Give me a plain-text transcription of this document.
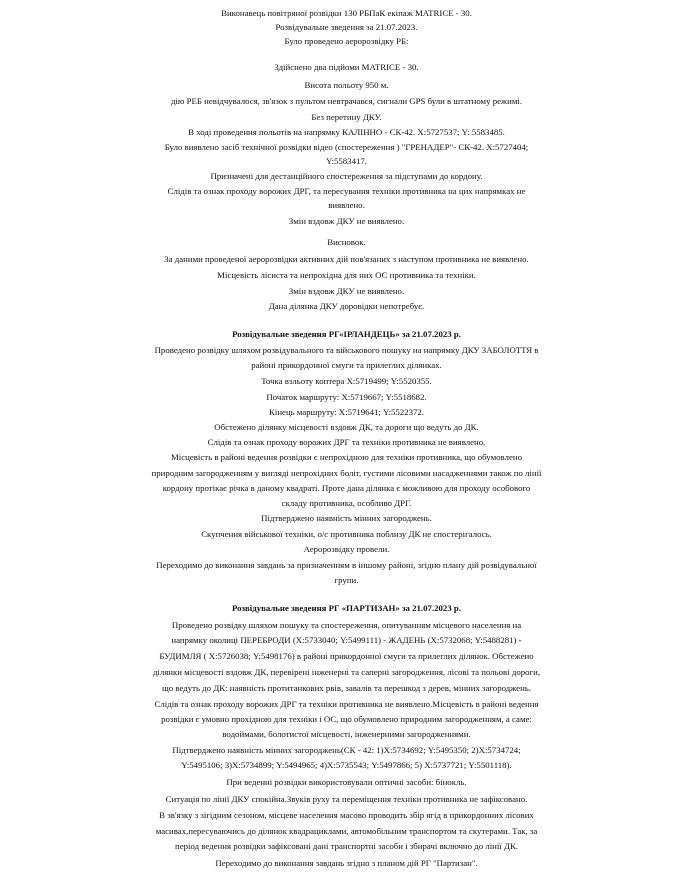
Виконавець повітряної розвідки 130 РБПаК екіпаж MATRICE - 30.
Розвідувальне зведення за 21.07.2023.
Було проведено аеророзвідку РБ:
Здійснено два підйоми MATRICE - 30.
Висота польоту 950 м.
дію РЕБ невідчувалося, зв'язок з пультом невтрачався, сигнали GPS були в штатному режимі.
Без перетину ДКУ.
В ході проведення польотів на напрямку КАЛІННО - СК-42. Х:5727537; Y: 5583485.
Було виявлено засіб технічної розвідки відео (спостереження ) "ГРЕНАДЕР"- СК-42. Х:5727404;
Y:5583417.
Призначені для дестанційного спостереження за підступами до кордону.
Слідів та ознак проходу ворожих ДРГ, та пересування техніки противника на цих напрямках не
виявлено.
Змін вздовж ДКУ не виявлено.
Висновок.
За даними проведеної аеророзвідки активних дій пов'язаних з наступом противника не виявлено.
Місцевість лісиста та непрохідна для них ОС противника та техніки.
Змін вздовж ДКУ не виявлено.
Дана ділянка ДКУ доровідки непотребує.
Розвідувальне зведення РГ«ІРЛАНДЕЦЬ» за 21.07.2023 р.
Проведено розвідку шляхом розвідувального та військового пошуку на напрямку ДКУ ЗАБОЛОТТЯ в
районі прикордонної смуги та прилеглих ділянках.
Точка взльоту коптера Х:5719499; Y:5520355.
Початок маршруту: Х:5719667; Y:5518682.
Кінець маршруту: Х:5719641; Y:5522372.
Обстежено ділянку місцевості вздовж ДК, та дороги що ведуть до ДК.
Слідів та ознак проходу ворожих ДРГ та техніки противника не виявлено.
Місцевість в районі ведення розвідки є непрохідною для техніки противника, що обумовлено
природним загородженням у вигляді непрохідних боліт, густими лісовими насадженнями також по лінії
кордону протікає річка в даному квадраті. Проте дана ділянка є можливою для проходу особового
складу противника, особливо ДРГ.
Підтверджено наявність мінних загороджень.
Скупчення військової техніки, о/с противника поблизу ДК не спостерігалось.
Аеророзвідку провели.
Переходимо до виконання завдань за призначенням в іншому районі, згідно плану дій розвідувальної
групи.
Розвідувальне зведення РГ «ПАРТИЗАН» за 21.07.2023 р.
Проведено розвідку шляхом пошуку та спостереження, опитуванням місцевого населення на
напрямку околиці ПЕРЕБРОДИ (Х:5733040; Y:5499111) - ЖАДЕНЬ (Х:5732068; Y:5488281) -
БУДИМЛЯ ( Х:5726038; Y:5498176) в районі прикордонної смуги та прилеглих ділянок. Обстежено
ділянки місцевості вздовж ДК, перевірені інженерні та саперні загородження, лісові та польові дороги,
що ведуть до ДК: наявність протитанкових рвів, завалів та перешкод з дерев, мінних загороджень.
Слідів та ознак проходу ворожих ДРГ та техніки противника не виявлено.Місцевість в районі ведення
розвідки є умовно прохідною для техніки і ОС, що обумовлено природним загородженням, а саме:
водоймами, болотистої місцевості, інженерними загородженнями.
Підтверджено наявність мінних загороджень(СК - 42: 1)Х:5734692; Y:5495350; 2)Х:5734724;
Y:5495106; 3)Х:5734899; Y:5494965; 4)Х:5735543; Y:5497866; 5) Х:5737721; Y:5501118).
При веденні розвідки використовували оптичні засоби: бінокль.
Ситуація по лінії ДКУ спокійна.Звуків руху та переміщення техніки противника не зафіксовано.
В зв'язку з зігідним сезоном, місцеве населення масово проводить збір ягід в прикордонних лісових
масивах,пересуваючись до ділянок квадрациклами, автомобільним транспортом та скутерами. Так, за
період ведення розвідки зафіксовані дані транспортні засоби і збирачі включно до лінії ДК.
Переходимо до виконання завдань згідно з планом дій РГ "Партизан".
